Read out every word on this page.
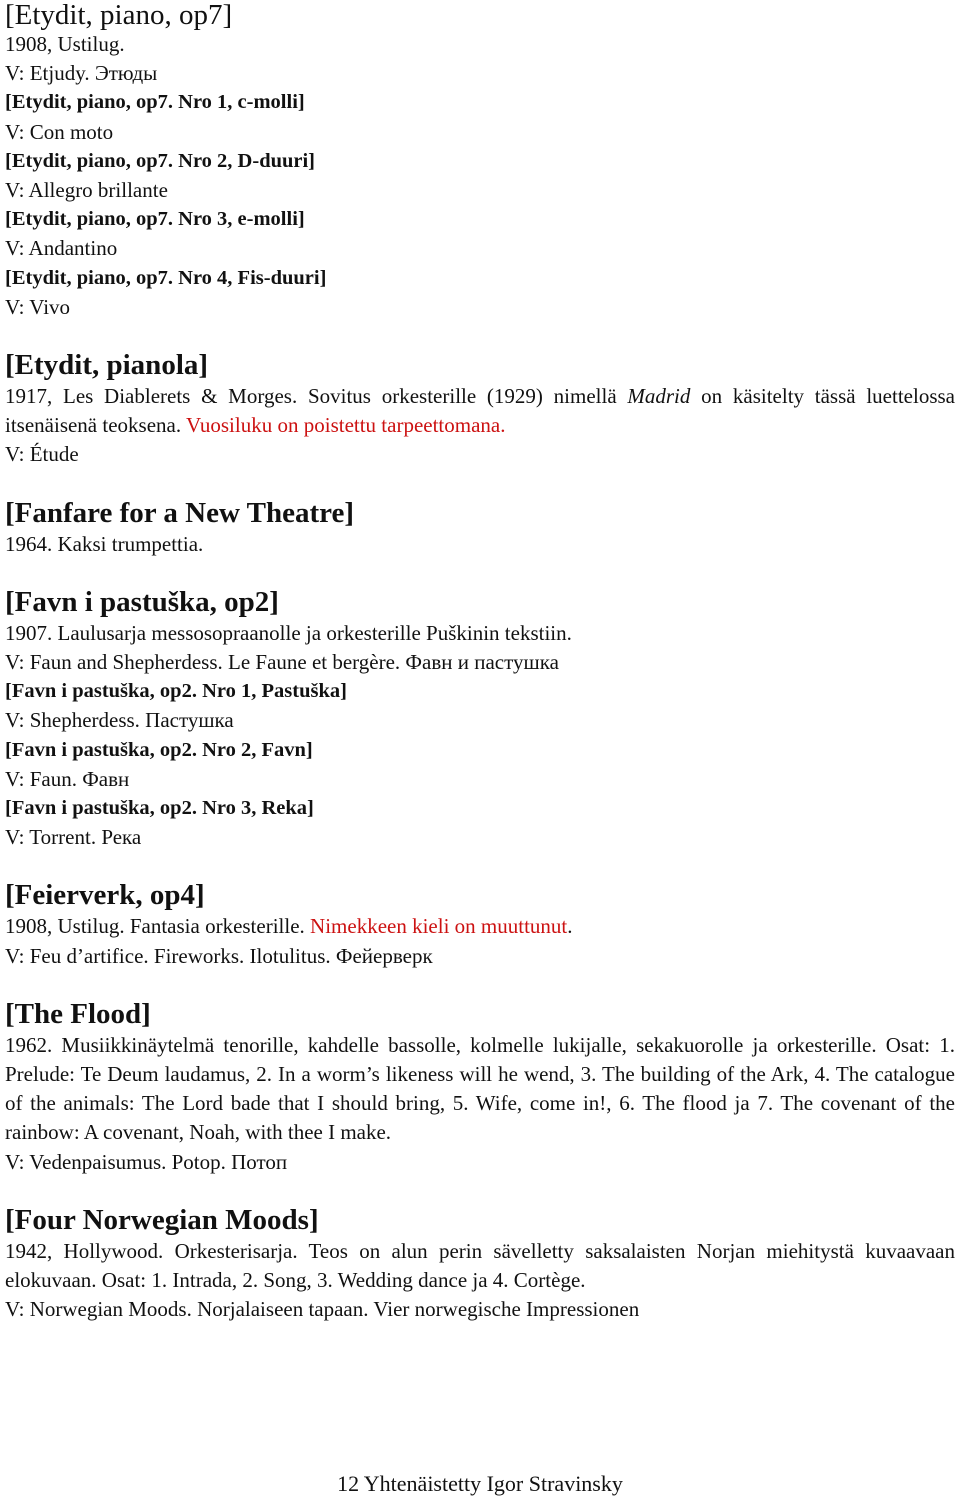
[Etydit, piano, op7]
1908, Ustilug.
V: Etjudy. Этюды
[Etydit, piano, op7. Nro 1, c-molli]
V: Con moto
[Etydit, piano, op7. Nro 2, D-duuri]
V: Allegro brillante
[Etydit, piano, op7. Nro 3, e-molli]
V: Andantino
[Etydit, piano, op7. Nro 4, Fis-duuri]
V: Vivo
[Etydit, pianola]
1917, Les Diablerets & Morges. Sovitus orkesterille (1929) nimellä Madrid on käsitelty tässä luettelossa itsenäisenä teoksena. Vuosiluku on poistettu tarpeettomana.
V: Étude
[Fanfare for a New Theatre]
1964. Kaksi trumpettia.
[Favn i pastuška, op2]
1907. Laulusarja messosopraanolle ja orkesterille Puškinin tekstiin.
V: Faun and Shepherdess. Le Faune et bergère. Фавн и пастушка
[Favn i pastuška, op2. Nro 1, Pastuška]
V: Shepherdess. Пастушка
[Favn i pastuška, op2. Nro 2, Favn]
V: Faun. Фавн
[Favn i pastuška, op2. Nro 3, Reka]
V: Torrent. Река
[Feierverk, op4]
1908, Ustilug. Fantasia orkesterille. Nimekkeen kieli on muuttunut.
V: Feu d’artifice. Fireworks. Ilotulitus. Фейерверк
[The Flood]
1962. Musiikkinäytelmä tenorille, kahdelle bassolle, kolmelle lukijalle, sekakuorolle ja orkesterille. Osat: 1. Prelude: Te Deum laudamus, 2. In a worm’s likeness will he wend, 3. The building of the Ark, 4. The catalogue of the animals: The Lord bade that I should bring, 5. Wife, come in!, 6. The flood ja 7. The covenant of the rainbow: A covenant, Noah, with thee I make.
V: Vedenpaisumus. Potop. Потоп
[Four Norwegian Moods]
1942, Hollywood. Orkesterisarja. Teos on alun perin sävelletty saksalaisten Norjan miehitystä kuvaavaan elokuvaan. Osat: 1. Intrada, 2. Song, 3. Wedding dance ja 4. Cortège.
V: Norwegian Moods. Norjalaiseen tapaan. Vier norwegische Impressionen
12 Yhtenäistetty Igor Stravinsky
